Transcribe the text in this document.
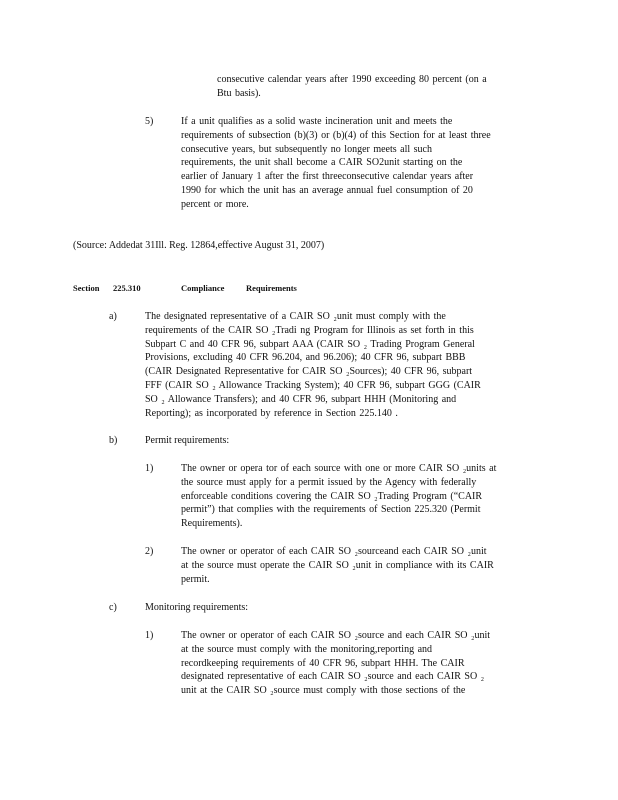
consecutive calendar years after 1990 exceeding 80 percent (on a
Btu basis).
5)	If a unit qualifies as a solid waste incineration unit and meets the
requirements of subsection (b)(3) or (b)(4) of this Section for at least three
consecutive years, but subsequently no longer meets all such
requirements, the unit shall become a CAIR SO2unit starting on the
earlier of January 1 after the first threeconsecutive calendar years after
1990 for which the unit has an average annual fuel consumption of 20
percent or more.
(Source: Addedat 31Ill. Reg. 12864,effective August 31, 2007)
Section 225.310	Compliance	Requirements
a)	The designated representative of a CAIR SO ₂unit must comply with the
requirements of the CAIR SO ₂Tradi ng Program for Illinois as set forth in this
Subpart C and 40 CFR 96, subpart AAA (CAIR SO ₂ Trading Program General
Provisions, excluding 40 CFR 96.204, and 96.206); 40 CFR 96, subpart BBB
(CAIR Designated Representative for CAIR SO ₂Sources); 40 CFR 96, subpart
FFF (CAIR SO ₂ Allowance Tracking System); 40 CFR 96, subpart GGG (CAIR
SO ₂ Allowance Transfers); and 40 CFR 96, subpart HHH (Monitoring and
Reporting); as incorporated by reference in Section 225.140 .
b)	Permit requirements:
1)	The owner or opera tor of each source with one or more CAIR SO ₂units at
the source must apply for a permit issued by the Agency with federally
enforceable conditions covering the CAIR SO ₂Trading Program (“CAIR
permit”) that complies with the requirements of Section 225.320 (Permit
Requirements).
2)	The owner or operator of each CAIR SO ₂sourceand each CAIR SO ₂unit
at the source must operate the CAIR SO ₂unit in compliance with its CAIR
permit.
c)	Monitoring requirements:
1)	The owner or operator of each CAIR SO ₂source and each CAIR SO ₂unit
at the source must comply with the monitoring,reporting and
recordkeeping requirements of 40 CFR 96, subpart HHH. The CAIR
designated representative of each CAIR SO ₂source and each CAIR SO ₂
unit at the CAIR SO ₂source must comply with those sections of the
